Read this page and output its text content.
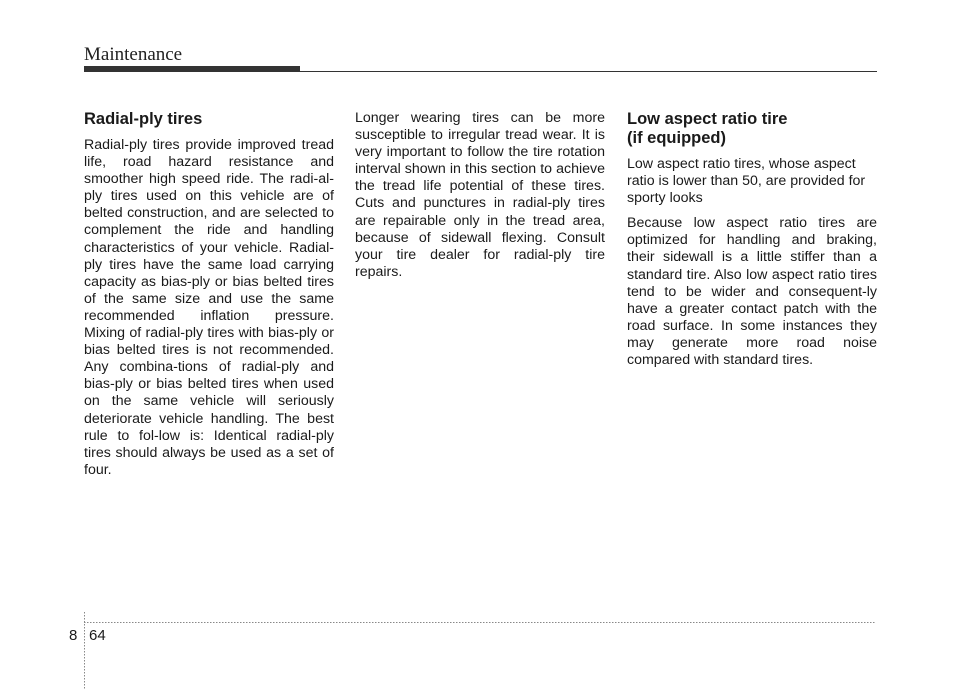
Maintenance
Radial-ply tires

Radial-ply tires provide improved tread life, road hazard resistance and smoother high speed ride. The radi-al-ply tires used on this vehicle are of belted construction, and are selected to complement the ride and handling characteristics of your vehicle. Radial-ply tires have the same load carrying capacity as bias-ply or bias belted tires of the same size and use the same recommended inflation pressure. Mixing of radial-ply tires with bias-ply or bias belted tires is not recommended. Any combina-tions of radial-ply and bias-ply or bias belted tires when used on the same vehicle will seriously deteriorate vehicle handling. The best rule to fol-low is: Identical radial-ply tires should always be used as a set of four.

Longer wearing tires can be more susceptible to irregular tread wear. It is very important to follow the tire rotation interval shown in this section to achieve the tread life potential of these tires. Cuts and punctures in radial-ply tires are repairable only in the tread area, because of sidewall flexing. Consult your tire dealer for radial-ply tire repairs.

Low aspect ratio tire
(if equipped)

Low aspect ratio tires, whose aspect ratio is lower than 50, are provided for sporty looks

Because low aspect ratio tires are optimized for handling and braking, their sidewall is a little stiffer than a standard tire. Also low aspect ratio tires tend to be wider and consequent-ly have a greater contact patch with the road surface. In some instances they may generate more road noise compared with standard tires.

8 64
